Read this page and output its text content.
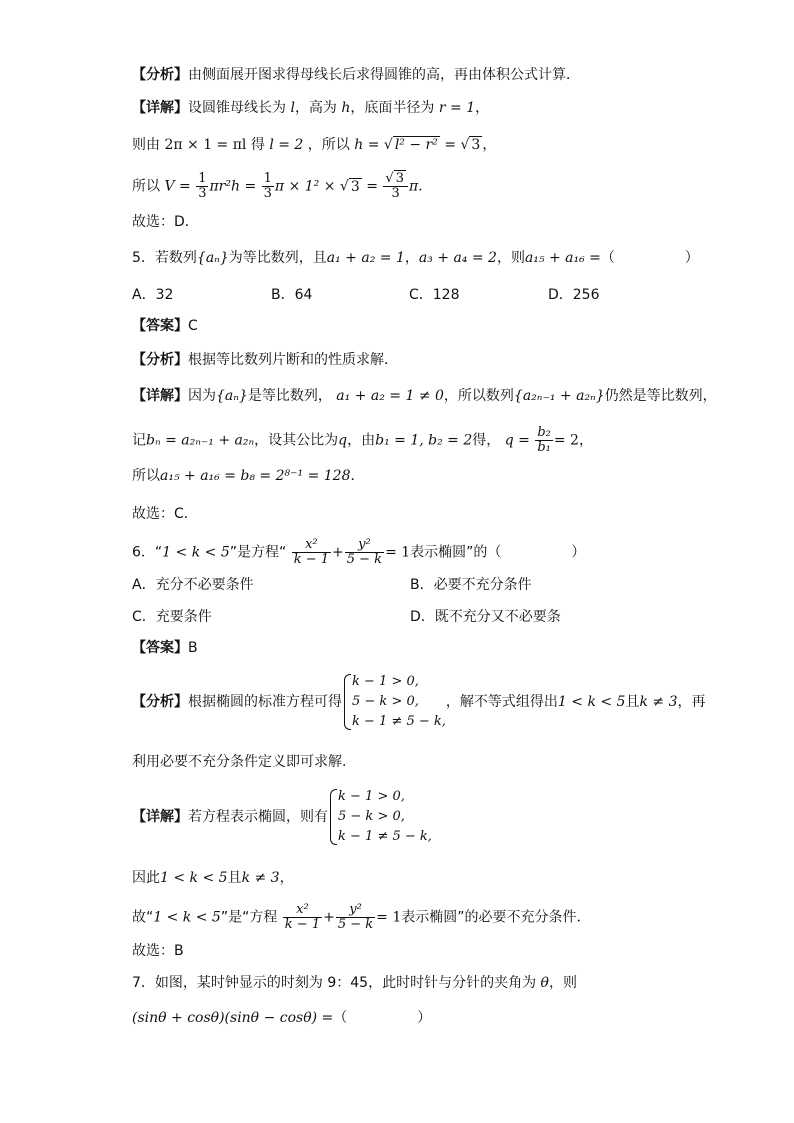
【分析】由侧面展开图求得母线长后求得圆锥的高，再由体积公式计算．
【详解】设圆锥母线长为 l，高为 h，底面半径为 r = 1，
则由 2π × 1 = πl 得 l = 2 ，所以 h = √ l² − r² = √ 3 ，
所以 $V = \frac{1}{3} \pi r^2h = \frac{1}{3}$ π × 1² × √ $3 = \frac{√ 3}{3}$ π．
故选：D．
5．若数列{aₙ}为等比数列，且a₁ + a₂ = 1，a₃ + a₄ = 2，则a₁₅ + a₁₆ =（	）
A．32	B．64	C．128	D．256
【答案】C
【分析】根据等比数列片断和的性质求解．
【详解】因为{aₙ}是等比数列， a₁ + a₂ = 1 ≠ 0，所以数列{a₂ₙ₋₁ + a₂ₙ}仍然是等比数列，
记bₙ = a₂ₙ₋₁ + a₂ₙ，设其公比为q，由b₁ = 1, b₂ = 2得， $q = \frac{\text{b₂}}{\text{b₁}} = 2$，
所以a₁₅ + a₁₆ = b₈ = 2⁸⁻¹ = 128．
故选：C．
6．“1 < k < 5”是方程“ $\frac{\text{x²}}{k - 1} + \frac{\text{y²}}{5 - k} = 1$表示椭圆”的（	）
A．充分不必要条件	B．必要不充分条件
C．充要条件	D．既不充分又不必要条
【答案】B
【分析】根据椭圆的标准方程可得
k − 1 > 0,
5 − k > 0,
k − 1 ≠ 5 − k,
，解不等式组得出1 < k < 5且k ≠ 3，再
利用必要不充分条件定义即可求解.
【详解】若方程表示椭圆，则有
k − 1 > 0,
5 − k > 0,
k − 1 ≠ 5 − k,
因此1 < k < 5且k ≠ 3，
故“1 < k < 5”是“方程 $\frac{\text{x²}}{k - 1} + \frac{\text{y²}}{5 - k} = 1$表示椭圆”的必要不充分条件．
故选：B
7．如图，某时钟显示的时刻为 9：45，此时时针与分针的夹角为 θ，则
(sinθ + cosθ)(sinθ − cosθ) =（	）
